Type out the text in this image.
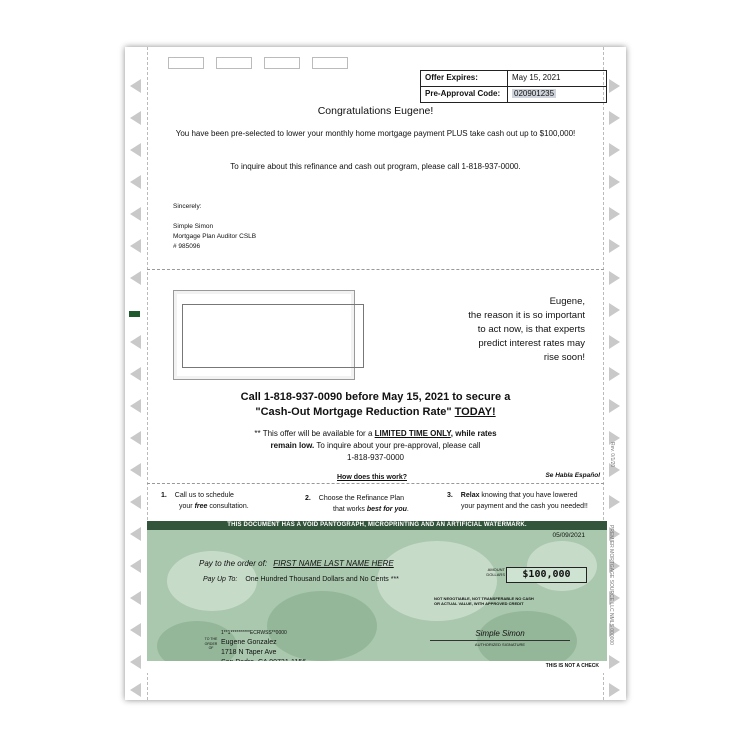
Offer Expires:	May 15, 2021
Pre-Approval Code:	020901235
Congratulations Eugene!
You have been pre-selected to lower your monthly home mortgage payment PLUS take cash out up to $100,000!
To inquire about this refinance and cash out program, please call 1-818-937-0000.
Sincerely:
Simple Simon
Mortgage Plan Auditor CSLB
# 985096
Eugene,
the reason it is so important
to act now, is that experts
predict interest rates may
rise soon!
Call 1-818-937-0090 before May 15, 2021 to secure a
"Cash-Out Mortgage Reduction Rate" TODAY!
** This offer will be available for a LIMITED TIME ONLY, while rates
remain low. To inquire about your pre-approval, please call
1-818-937-0000
How does this work?	Se Habla Español
Rev. 0/1/20
1. Call us to schedule
your free consultation.
2. Choose the Refinance Plan
that works best for you.
3. Relax knowing that you have lowered
your payment and the cash you needed!!
THIS DOCUMENT HAS A VOID PANTOGRAPH, MICROPRINTING AND AN ARTIFICIAL WATERMARK.
05/09/2021
Pay to the order of: FIRST NAME LAST NAME HERE
Pay Up To: One Hundred Thousand Dollars and No Cents ***
AMOUNT DOLLARS	$100,000
NOT NEGOTIABLE, NOT TRANSFERABLE NO CASH OR ACTUAL VALUE, WITH APPROVED CREDIT
1**1**********ECRWSS**0000
TO THE ORDER OF
Eugene Gonzalez
1718 N Taper Ave
Simple Simon
AUTHORIZED SIGNATURE
THIS IS NOT A CHECK
PREMIER MORTGAGE SOURCE LLC NMLS 000000
